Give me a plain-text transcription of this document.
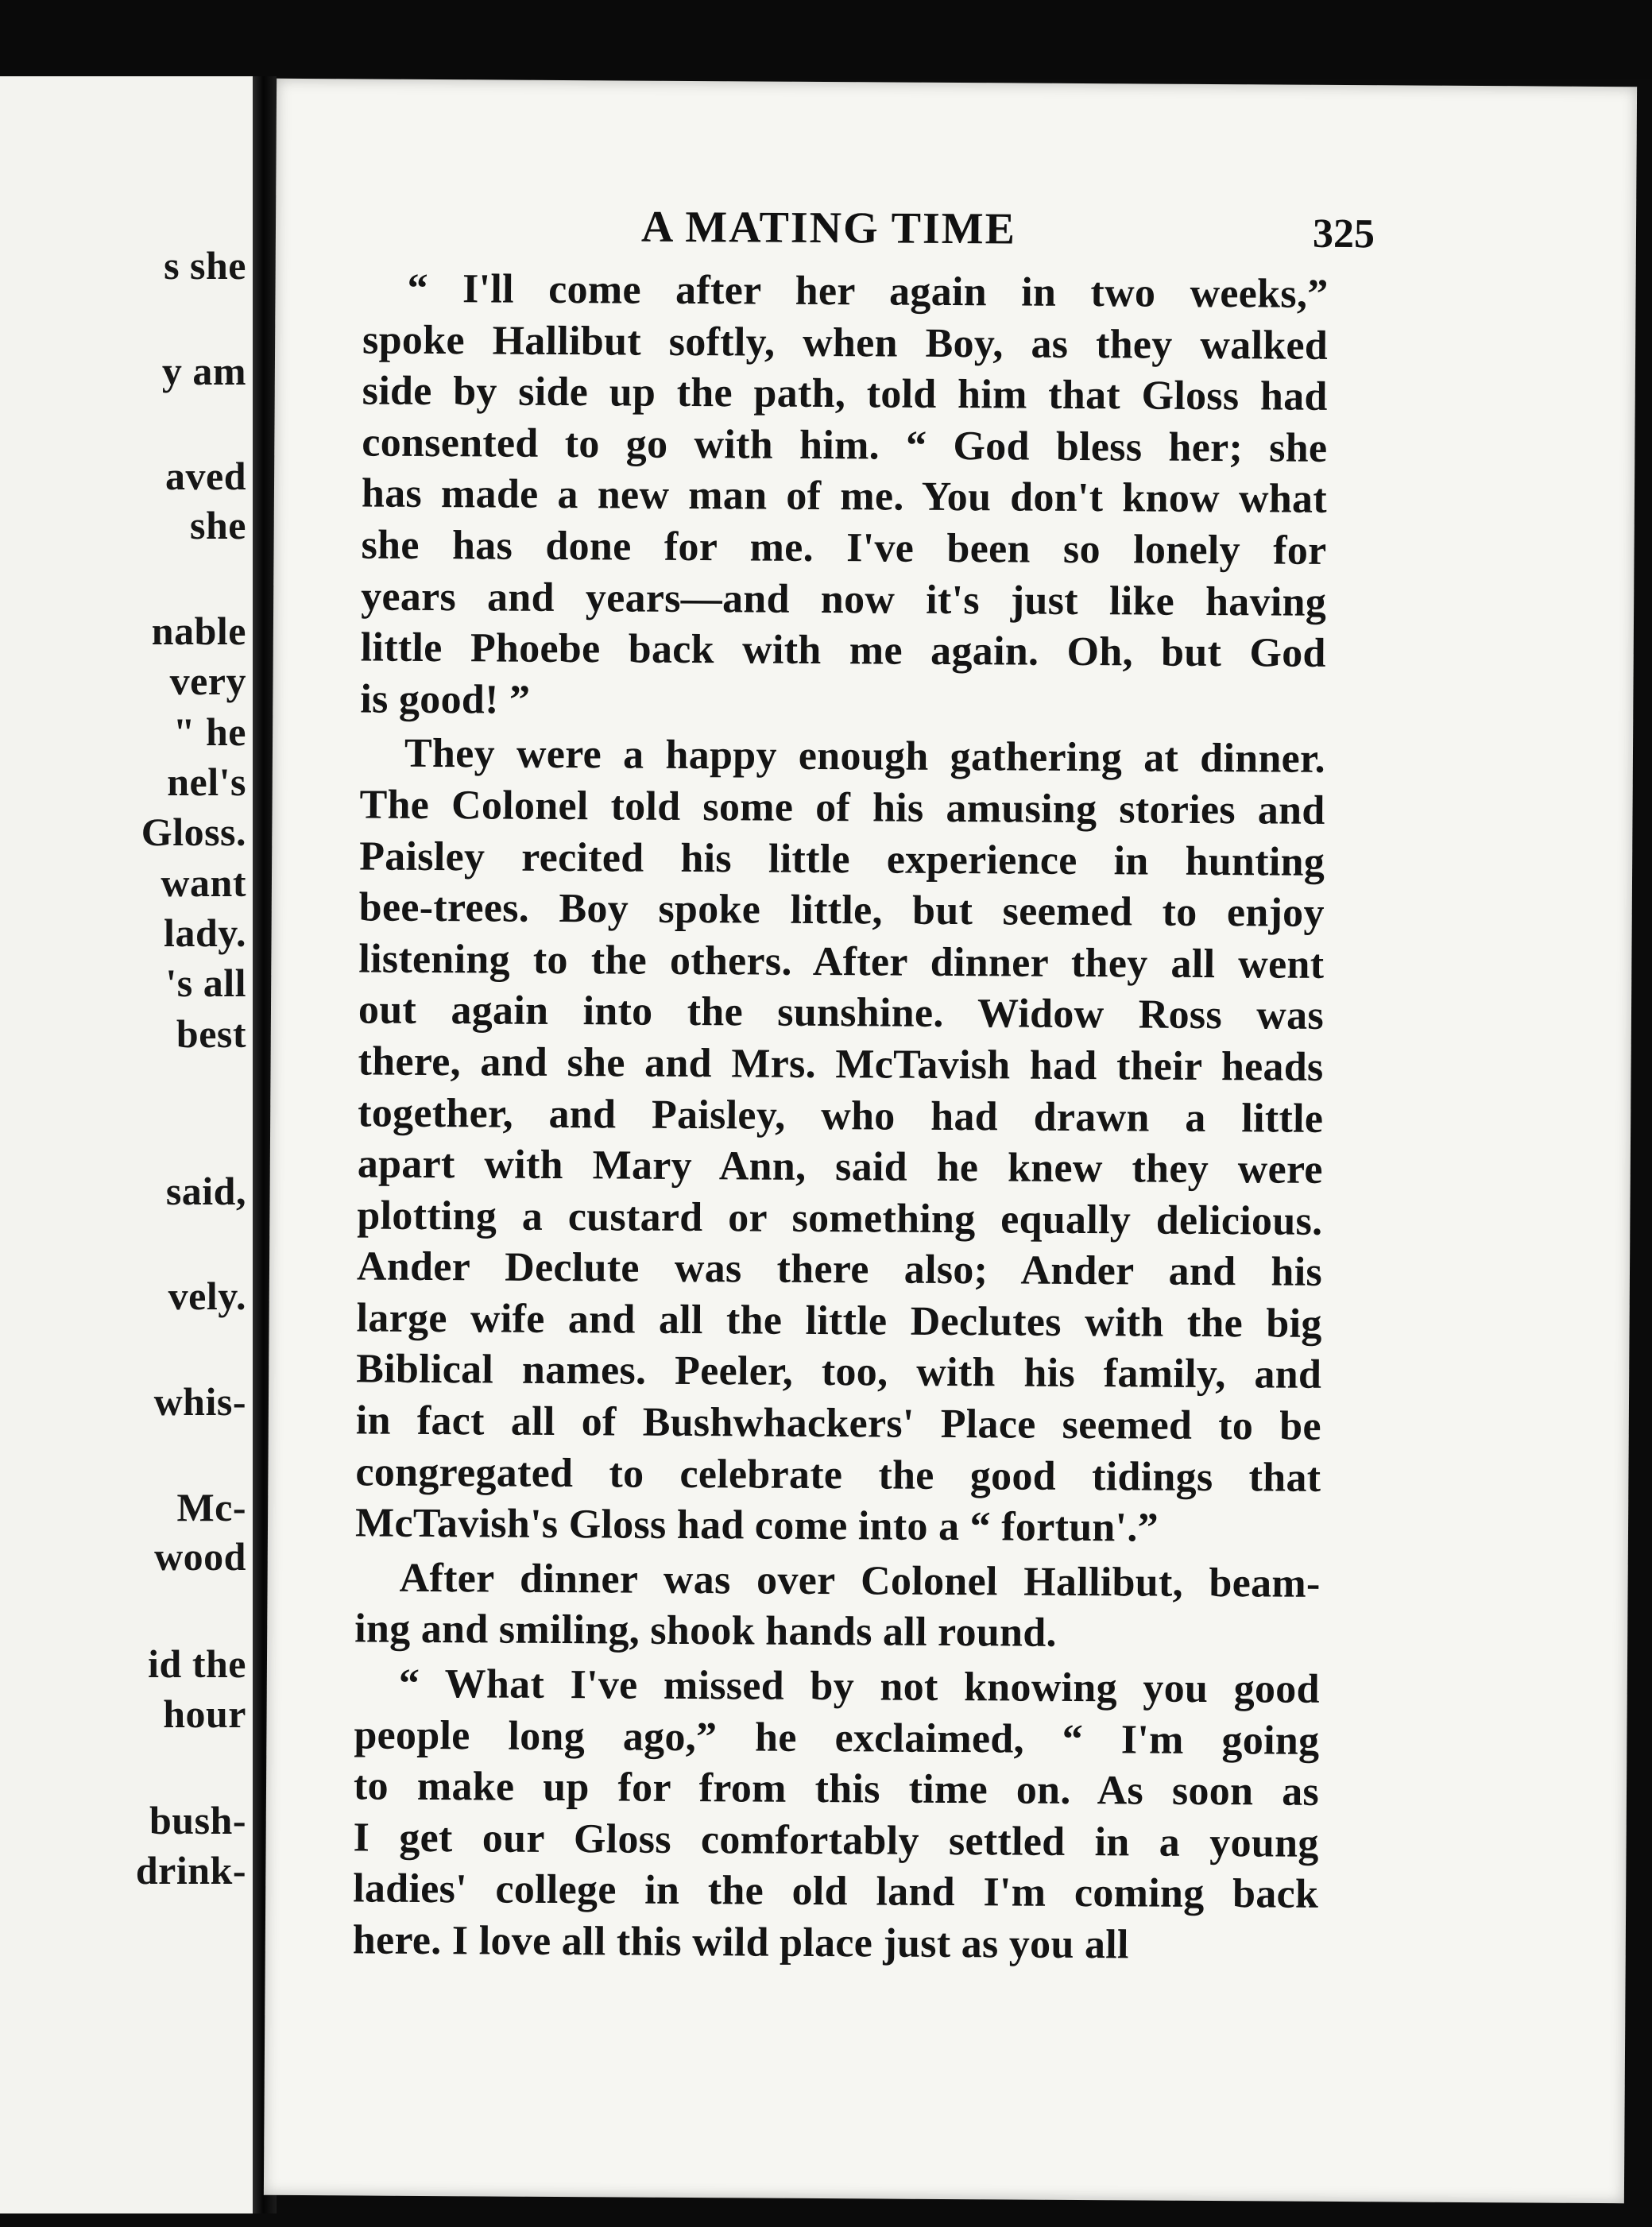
s she
y am
aved
she
nable
very
" he
nel's
Gloss.
want
lady.
's all
best
said,
vely.
whis-
Mc-
wood
id the
hour
bush-
drink-
A MATING TIME	325
“ I'll come after her again in two weeks,”
spoke Hallibut softly, when Boy, as they walked
side by side up the path, told him that Gloss had
consented to go with him. “ God bless her; she
has made a new man of me. You don't know what
she has done for me. I've been so lonely for
years and years—and now it's just like having
little Phoebe back with me again. Oh, but God
is good! ”
They were a happy enough gathering at dinner.
The Colonel told some of his amusing stories and
Paisley recited his little experience in hunting
bee-trees. Boy spoke little, but seemed to enjoy
listening to the others. After dinner they all went
out again into the sunshine. Widow Ross was
there, and she and Mrs. McTavish had their heads
together, and Paisley, who had drawn a little
apart with Mary Ann, said he knew they were
plotting a custard or something equally delicious.
Ander Declute was there also; Ander and his
large wife and all the little Declutes with the big
Biblical names. Peeler, too, with his family, and
in fact all of Bushwhackers' Place seemed to be
congregated to celebrate the good tidings that
McTavish's Gloss had come into a “ fortun'.”
After dinner was over Colonel Hallibut, beam-
ing and smiling, shook hands all round.
“ What I've missed by not knowing you good
people long ago,” he exclaimed, “ I'm going
to make up for from this time on. As soon as
I get our Gloss comfortably settled in a young
ladies' college in the old land I'm coming back
here. I love all this wild place just as you all
